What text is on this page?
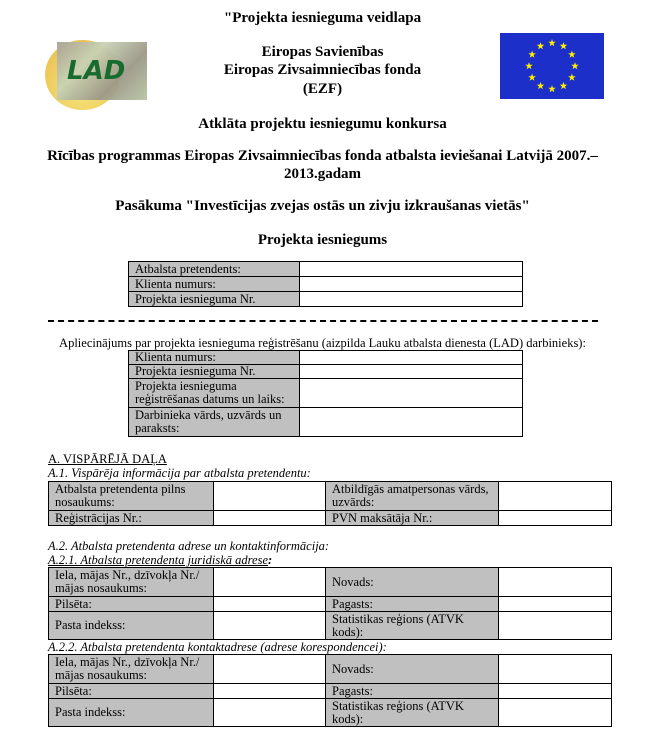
"Projekta iesnieguma veidlapa
LAD
Eiropas Savienības
Eiropas Zivsaimniecības fonda
(EZF)
Atklāta projektu iesniegumu konkursa
Rīcības programmas Eiropas Zivsaimniecības fonda atbalsta ieviešanai Latvijā 2007.–
2013.gadam
Pasākuma "Investīcijas zvejas ostās un zivju izkraušanas vietās"
Projekta iesniegums
Atbalsta pretendents:	
Klienta numurs:	
Projekta iesnieguma Nr.	
Apliecinājums par projekta iesnieguma reģistrēšanu (aizpilda Lauku atbalsta dienesta (LAD) darbinieks):
Klienta numurs:	
Projekta iesnieguma Nr.	
Projekta iesnieguma reģistrēšanas datums un laiks:	
Darbinieka vārds, uzvārds un paraksts:	
A. VISPĀRĒJĀ DAĻA
A.1. Vispārēja informācija par atbalsta pretendentu:
Atbalsta pretendenta pilns nosaukums:		Atbildīgās amatpersonas vārds, uzvārds:	
Reģistrācijas Nr.:		PVN maksātāja Nr.:	
A.2. Atbalsta pretendenta adrese un kontaktinformācija:
A.2.1. Atbalsta pretendenta juridiskā adrese:
Iela, mājas Nr., dzīvokļa Nr./ mājas nosaukums:		Novads:	
Pilsēta:		Pagasts:	
Pasta indekss:		Statistikas reģions (ATVK kods):	
A.2.2. Atbalsta pretendenta kontaktadrese (adrese korespondencei):
Iela, mājas Nr., dzīvokļa Nr./ mājas nosaukums:		Novads:	
Pilsēta:		Pagasts:	
Pasta indekss:		Statistikas reģions (ATVK kods):	
